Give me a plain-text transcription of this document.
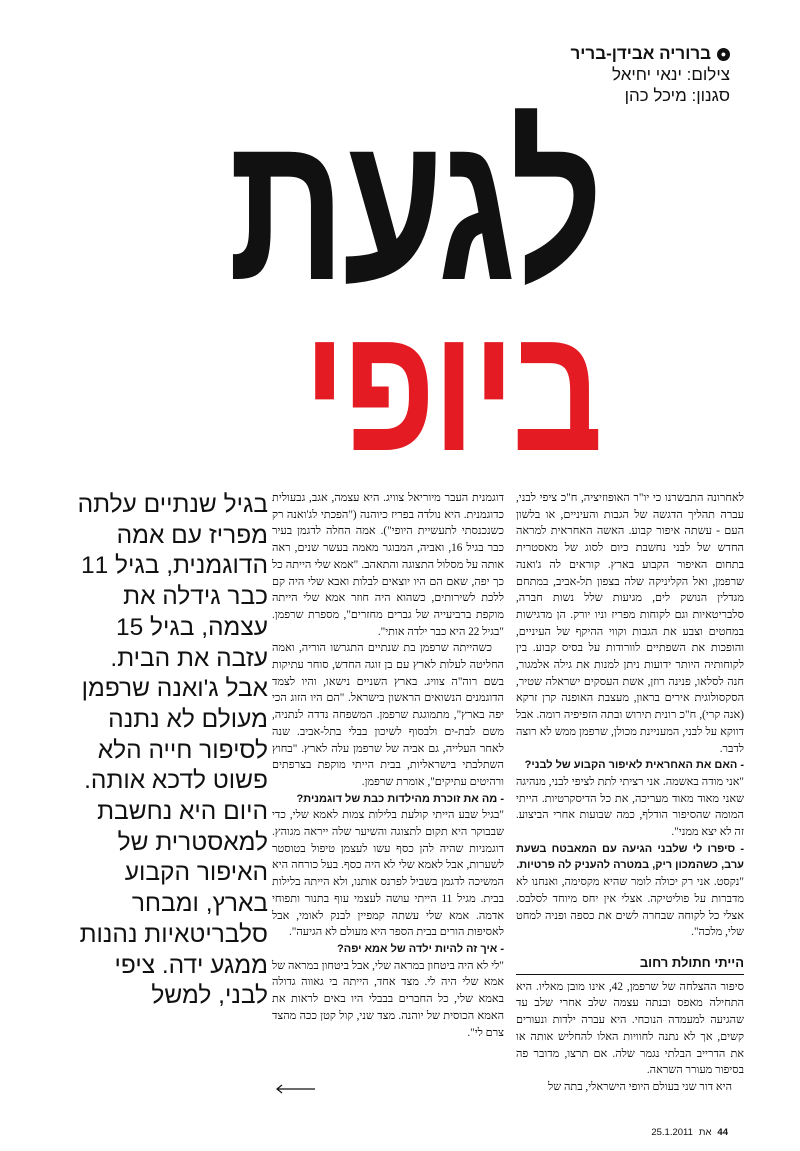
●
ברוריה אבידן-בריר
צילום: ינאי יחיאל
סגנון: מיכל כהן
לגעת
ביופי
בגיל שנתיים עלתה מפריז עם אמה הדוגמנית, בגיל 11 כבר גידלה את עצמה, בגיל 15 עזבה את הבית. אבל ג'ואנה שרפמן מעולם לא נתנה לסיפור חייה הלא פשוט לדכא אותה. היום היא נחשבת למאסטרית של האיפור הקבוע בארץ, ומבחר סלבריטאיות נהנות ממגע ידה. ציפי לבני, למשל

דוגמנית העבר מיוריאל צוויג. היא עצמה, אגב, גבעולית כדוגמנית. היא נולדה בפריז כיוהנה ("הפכתי לג'ואנה רק כשנכנסתי לתעשיית היופי"). אמה החלה לדגמן בעיר כבר בגיל 16, ואביה, המבוגר מאמה בעשר שנים, ראה אותה על מסלול התצוגה והתאהב. "אמא שלי הייתה כל כך יפה, שאם הם היו יוצאים לבלות ואבא שלי היה קם ללכת לשירותים, כשהוא היה חוזר אמא שלי הייתה מוקפת ברביעייה של גברים מחזרים", מספרת שרפמן. "בגיל 22 היא כבר ילדה אותי".

כשהייתה שרפמן בת שנתיים התגרשו הוריה, ואמה החליטה לעלות לארץ עם בן זוגה החדש, סוחר עתיקות בשם רוה"ה צוויג. בארץ השניים נישאו, והיו לצמד הדוגמנים הנשואים הראשון בישראל. "הם היו הזוג הכי יפה בארץ", מתמוגגת שרפמן. המשפחה נדדה לנתניה, משם לבת-ים ולבסוף לשיכון בבלי בתל-אביב. שנה לאחר העלייה, גם אביה של שרפמן עלה לארץ. "בחוץ השתלבתי בישראליות, בבית הייתי מוקפת בצרפתים ורהיטים עתיקים", אומרת שרפמן.

- מה את זוכרת מהילדות כבת של דוגמנית?

"בגיל שבע הייתי קולעת בלילות צמות לאמא שלי, כדי שבבוקר היא תקום לתצוגה והשיער שלה ייראה מגוהץ. דוגמניות שהיה להן כסף עשו לעצמן טיפול בטוסטר לשערות, אבל לאמא שלי לא היה כסף. בעל כורחה היא המשיכה לדגמן בשביל לפרנס אותנו, ולא הייתה בלילות בבית. מגיל 11 הייתי עושה לעצמי עוף בתנור ותפוחי אדמה. אמא שלי עשתה קמפיין לבנק לאומי, אבל לאסיפות הורים בבית הספר היא מעולם לא הגיעה".

- איך זה להיות ילדה של אמא יפה?

"לי לא היה ביטחון במראה שלי, אבל ביטחון במראה של אמא שלי היה לי. מצד אחד, הייתה בי גאווה גדולה באמא שלי, כל החברים בבבלי היו באים לראות את האמא הכוסית של יוהנה. מצד שני, קול קטן ככה מהצד צרם לי".

לאחרונה התבשרנו כי יו"ר האופוזיציה, ח"כ ציפי לבני, עברה תהליך הדגשה של הגבות והעיניים, או בלשון העם - עשתה איפור קבוע. האשה האחראית למראה החדש של לבני נחשבת כיום לסוג של מאסטרית בתחום האיפור הקבוע בארץ. קוראים לה ג'ואנה שרפמן, ואל הקליניקה שלה בצפון תל-אביב, במתחם מגדלין הנושק לים, מגיעות שלל נשות חברה, סלבריטאיות וגם לקוחות מפריז וניו יורק. הן מדגישות במחטים וצבע את הגבות וקווי ההיקף של העיניים, והופכות את השפתיים לוורודות על בסיס קבוע. בין לקוחותיה היותר ידועות ניתן למנות את גילה אלמגור, חנה לסלאו, פנינה רוזן, אשת העסקים ישראלה שטיר, הסקסולוגית אירים בראון, מעצבת האופנה קרן זרקא (אנה קרי), ח"כ רונית תירוש ובתה הזפיפיה רומה. אבל דווקא על לבני, המעניינת מכולן, שרפמן ממש לא רוצה לדבר.

- האם את האחראית לאיפור הקבוע של לבני?

"אני מודה באשמה. אני רציתי לתת לציפי לבני, מנהיגה שאני מאוד מאוד מעריכה, את כל הדיסקרטיות. הייתי המומה שהסיפור הודלף, כמה שבועות אחרי הביצוע. זה לא יצא ממני".

- סיפרו לי שלבני הגיעה עם המאבטח בשעת ערב, כשהמכון ריק, במטרה להעניק לה פרטיות.

"נקסט. אני רק יכולה לומר שהיא מקסימה, ואנחנו לא מדברות על פוליטיקה. אצלי אין יחס מיוחד לסלבס. אצלי כל לקוחה שבחרה לשים את כספה ופניה למחט שלי, מלכה".

הייתי חתולת רחוב

סיפור ההצלחה של שרפמן, 42, אינו מובן מאליו. היא התחילה מאפס ובנתה עצמה שלב אחרי שלב עד שהגיעה למעמדה הנוכחי. היא עברה ילדות ונעורים קשים, אך לא נתנה לחוויות האלו להחליש אותה או את הדרייב הבלתי נגמר שלה. אם תרצו, מדובר פה בסיפור מעורר השראה.

היא דור שני בעולם היופי הישראלי, בתה של

44
את
25.1.2011
